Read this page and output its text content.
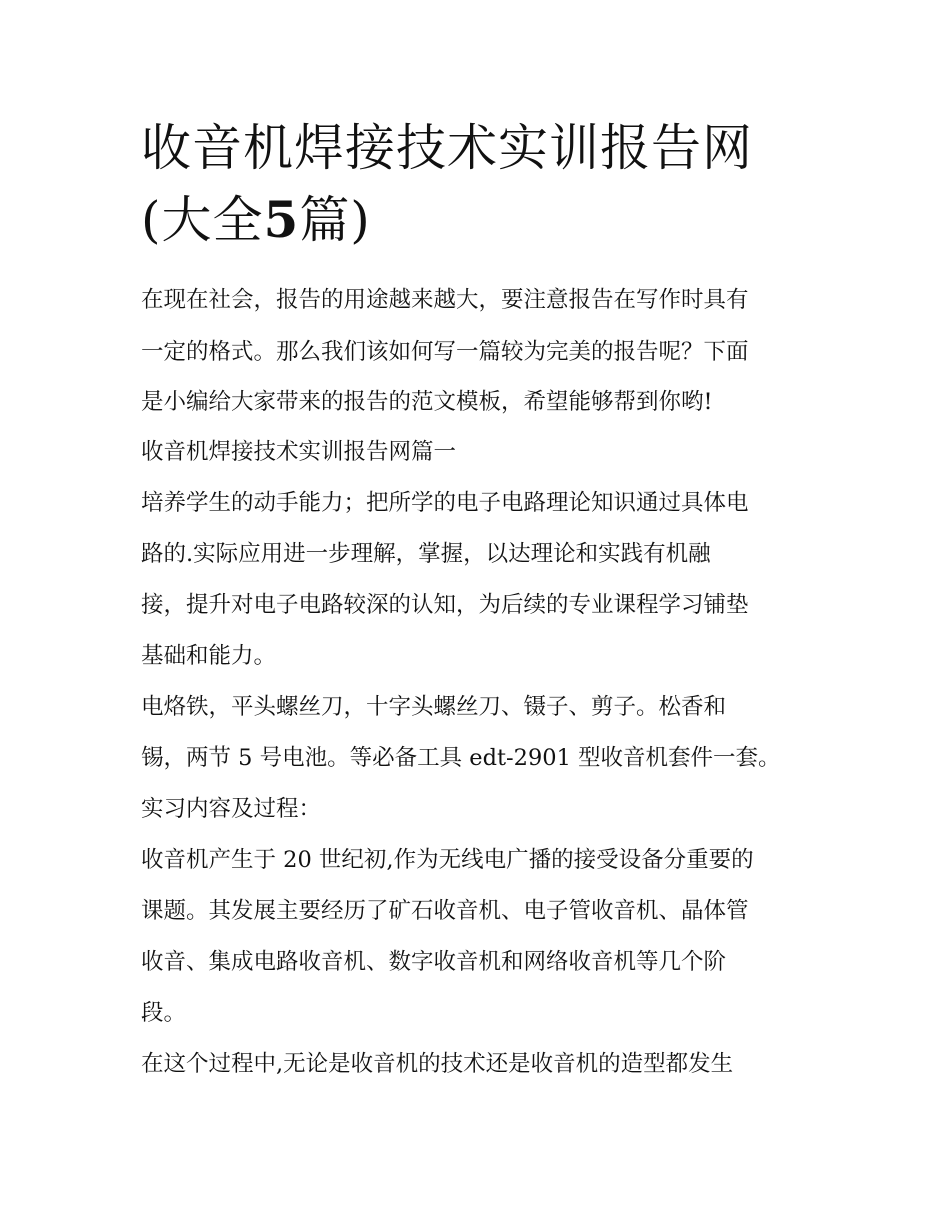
收音机焊接技术实训报告网(大全5篇)

在现在社会，报告的用途越来越大，要注意报告在写作时具有

一定的格式。那么我们该如何写一篇较为完美的报告呢？下面

是小编给大家带来的报告的范文模板，希望能够帮到你哟!

收音机焊接技术实训报告网篇一

培养学生的动手能力；把所学的电子电路理论知识通过具体电

路的.实际应用进一步理解，掌握，以达理论和实践有机融

接，提升对电子电路较深的认知，为后续的专业课程学习铺垫

基础和能力。

电烙铁，平头螺丝刀，十字头螺丝刀、镊子、剪子。松香和

锡，两节 5 号电池。等必备工具 edt-2901 型收音机套件一套。

实习内容及过程：

收音机产生于 20 世纪初,作为无线电广播的接受设备分重要的

课题。其发展主要经历了矿石收音机、电子管收音机、晶体管

收音、集成电路收音机、数字收音机和网络收音机等几个阶

段。

在这个过程中,无论是收音机的技术还是收音机的造型都发生
